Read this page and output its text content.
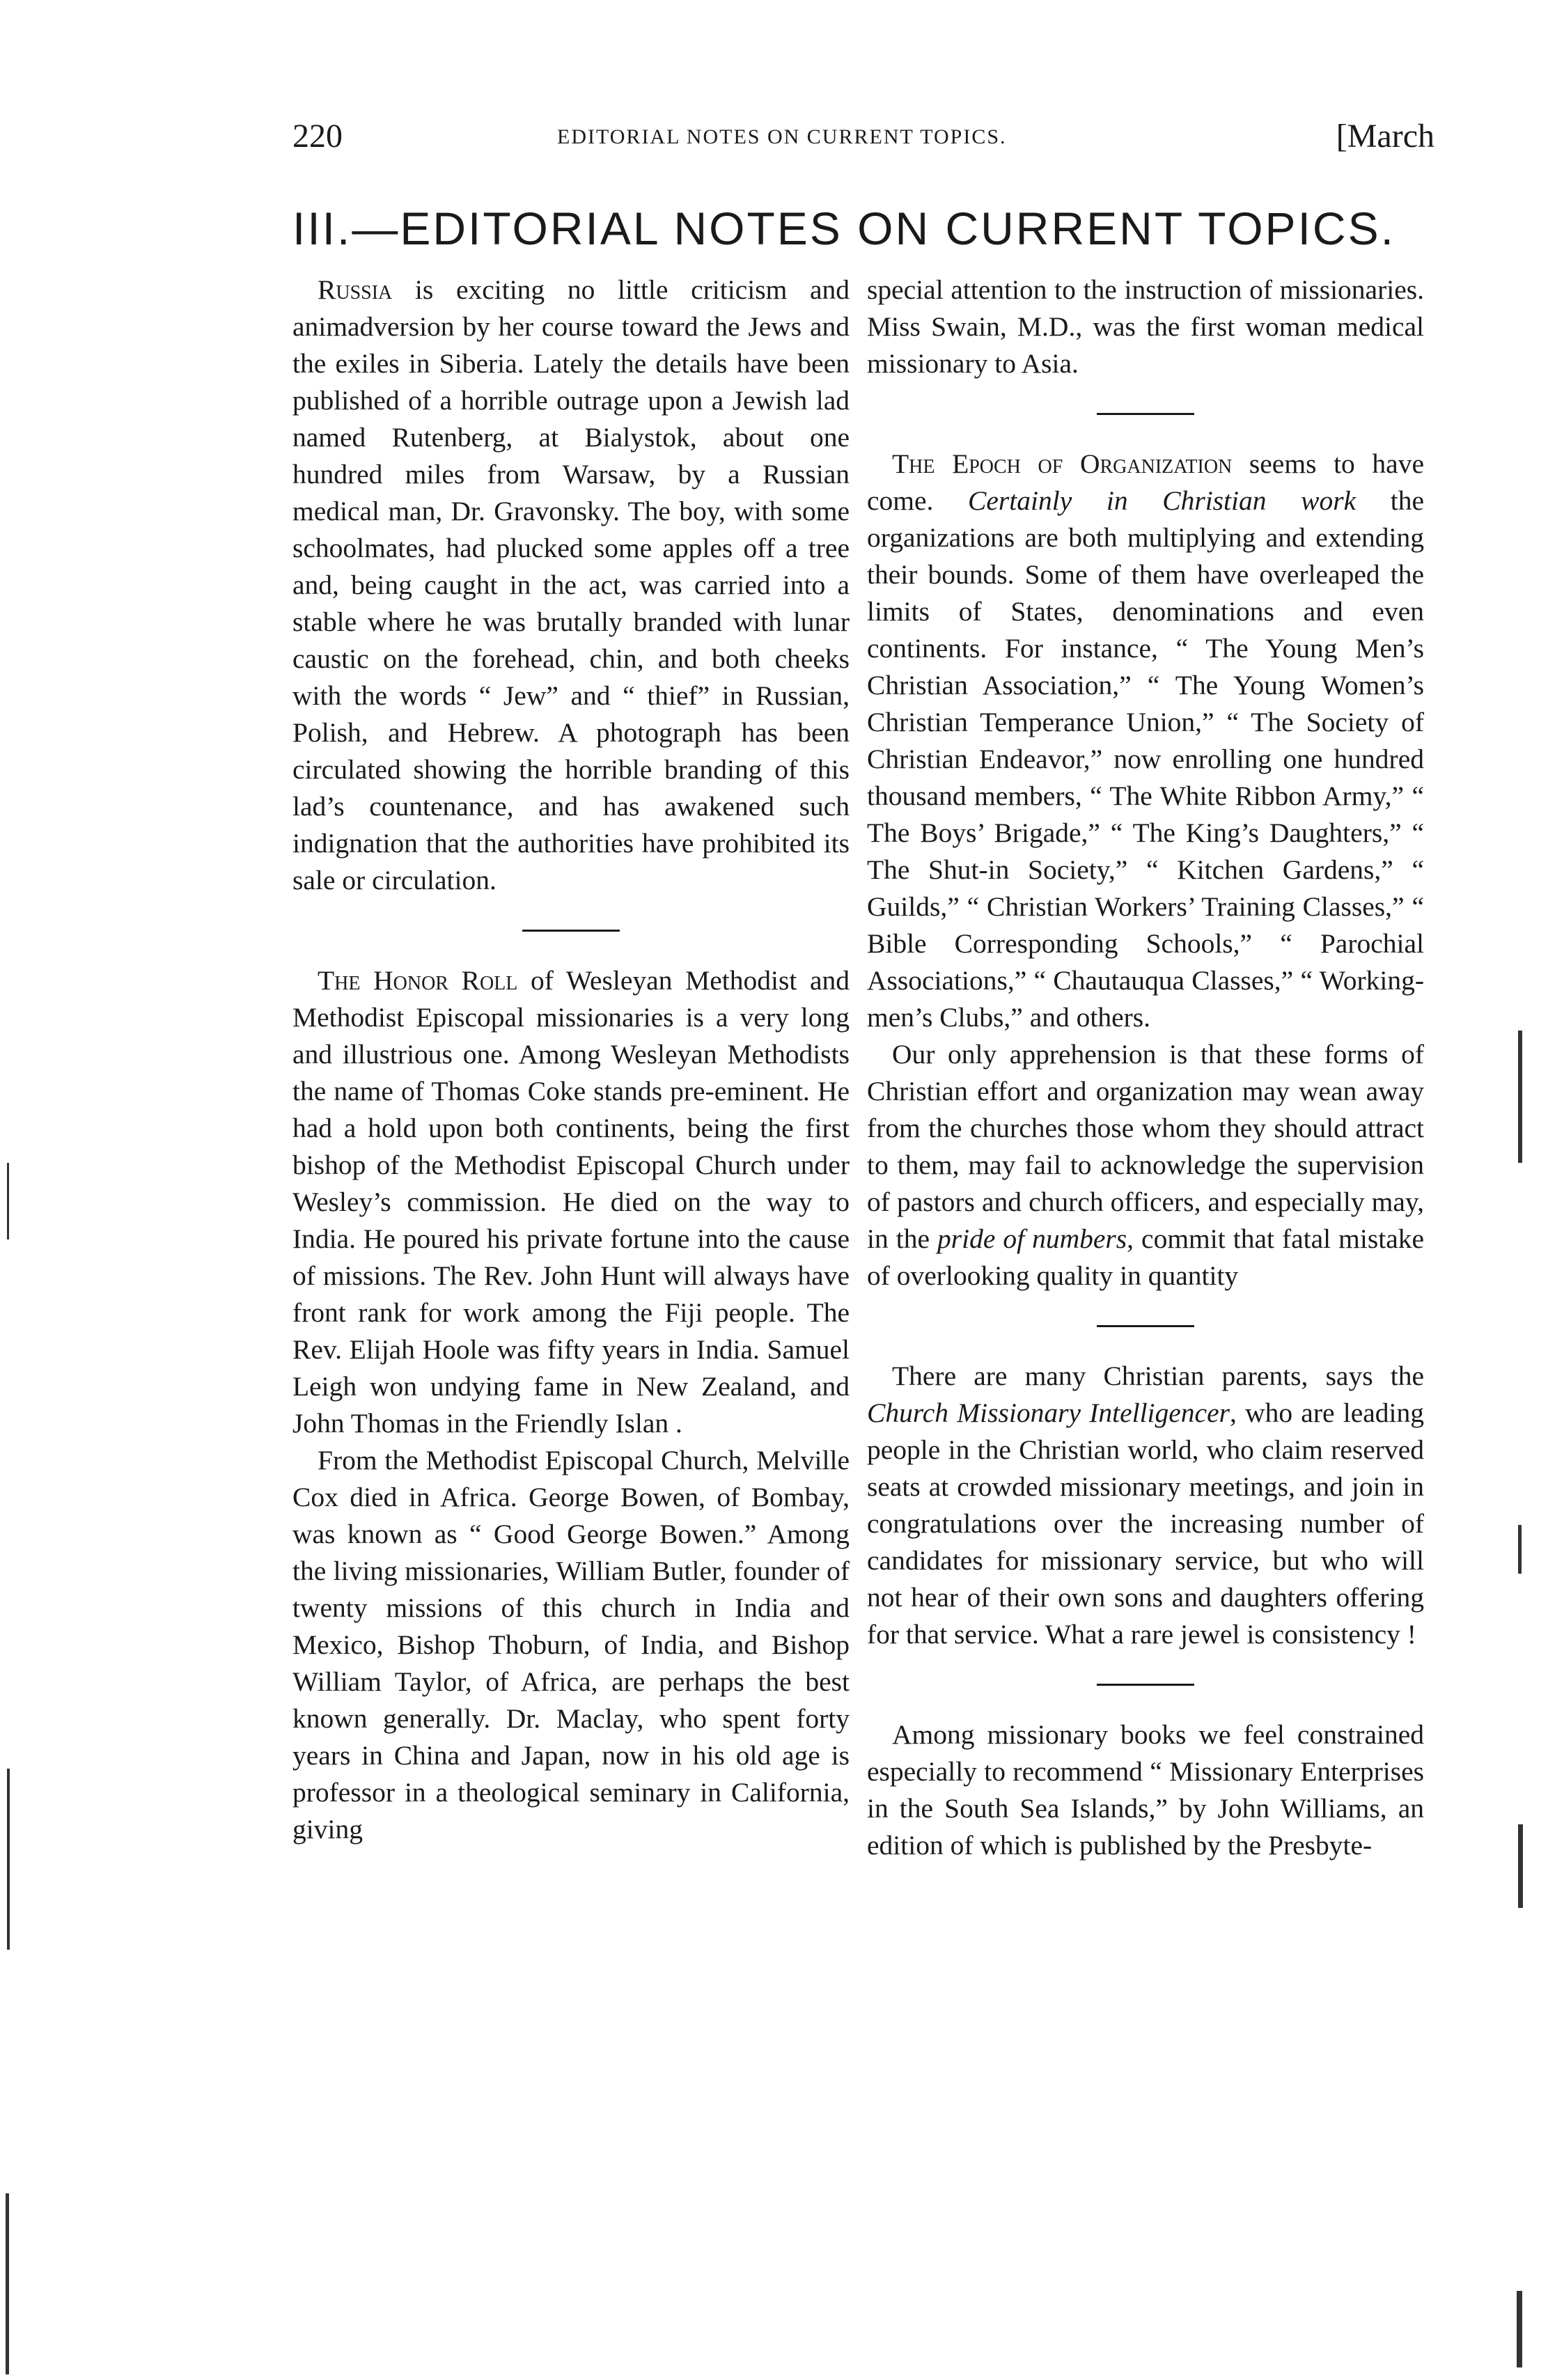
220	EDITORIAL NOTES ON CURRENT TOPICS.	[March
III.—EDITORIAL NOTES ON CURRENT TOPICS.

Russia is exciting no little criticism and animadversion by her course toward the Jews and the exiles in Siberia. Lately the details have been published of a horrible outrage upon a Jewish lad named Rutenberg, at Bialystok, about one hundred miles from Warsaw, by a Russian medical man, Dr. Gravonsky. The boy, with some schoolmates, had plucked some apples off a tree and, being caught in the act, was carried into a stable where he was brutally branded with lunar caustic on the forehead, chin, and both cheeks with the words “ Jew” and “ thief” in Russian, Polish, and Hebrew. A photograph has been circulated showing the horrible branding of this lad’s countenance, and has awakened such indignation that the authorities have prohibited its sale or circulation.

The Honor Roll of Wesleyan Methodist and Methodist Episcopal missionaries is a very long and illustrious one. Among Wesleyan Methodists the name of Thomas Coke stands pre-eminent. He had a hold upon both continents, being the first bishop of the Methodist Episcopal Church under Wesley’s commission. He died on the way to India. He poured his private fortune into the cause of missions. The Rev. John Hunt will always have front rank for work among the Fiji people. The Rev. Elijah Hoole was fifty years in India. Samuel Leigh won undying fame in New Zealand, and John Thomas in the Friendly Islan .

From the Methodist Episcopal Church, Melville Cox died in Africa. George Bowen, of Bombay, was known as “ Good George Bowen.” Among the living missionaries, William Butler, founder of twenty missions of this church in India and Mexico, Bishop Thoburn, of India, and Bishop William Taylor, of Africa, are perhaps the best known generally. Dr. Maclay, who spent forty years in China and Japan, now in his old age is professor in a theological seminary in California, giving

special attention to the instruction of missionaries. Miss Swain, M.D., was the first woman medical missionary to Asia.

The Epoch of Organization seems to have come. Certainly in Christian work the organizations are both multiplying and extending their bounds. Some of them have overleaped the limits of States, denominations and even continents. For instance, “ The Young Men’s Christian Association,” “ The Young Women’s Christian Temperance Union,” “ The Society of Christian Endeavor,” now enrolling one hundred thousand members, “ The White Ribbon Army,” “ The Boys’ Brigade,” “ The King’s Daughters,” “ The Shut-in Society,” “ Kitchen Gardens,” “ Guilds,” “ Christian Workers’ Training Classes,” “ Bible Corresponding Schools,” “ Parochial Associations,” “ Chautauqua Classes,” “ Working-men’s Clubs,” and others.

Our only apprehension is that these forms of Christian effort and organization may wean away from the churches those whom they should attract to them, may fail to acknowledge the supervision of pastors and church officers, and especially may, in the pride of numbers, commit that fatal mistake of overlooking quality in quantity

There are many Christian parents, says the Church Missionary Intelligencer, who are leading people in the Christian world, who claim reserved seats at crowded missionary meetings, and join in congratulations over the increasing number of candidates for missionary service, but who will not hear of their own sons and daughters offering for that service. What a rare jewel is consistency !

Among missionary books we feel constrained especially to recommend “ Missionary Enterprises in the South Sea Islands,” by John Williams, an edition of which is published by the Presbyte-
